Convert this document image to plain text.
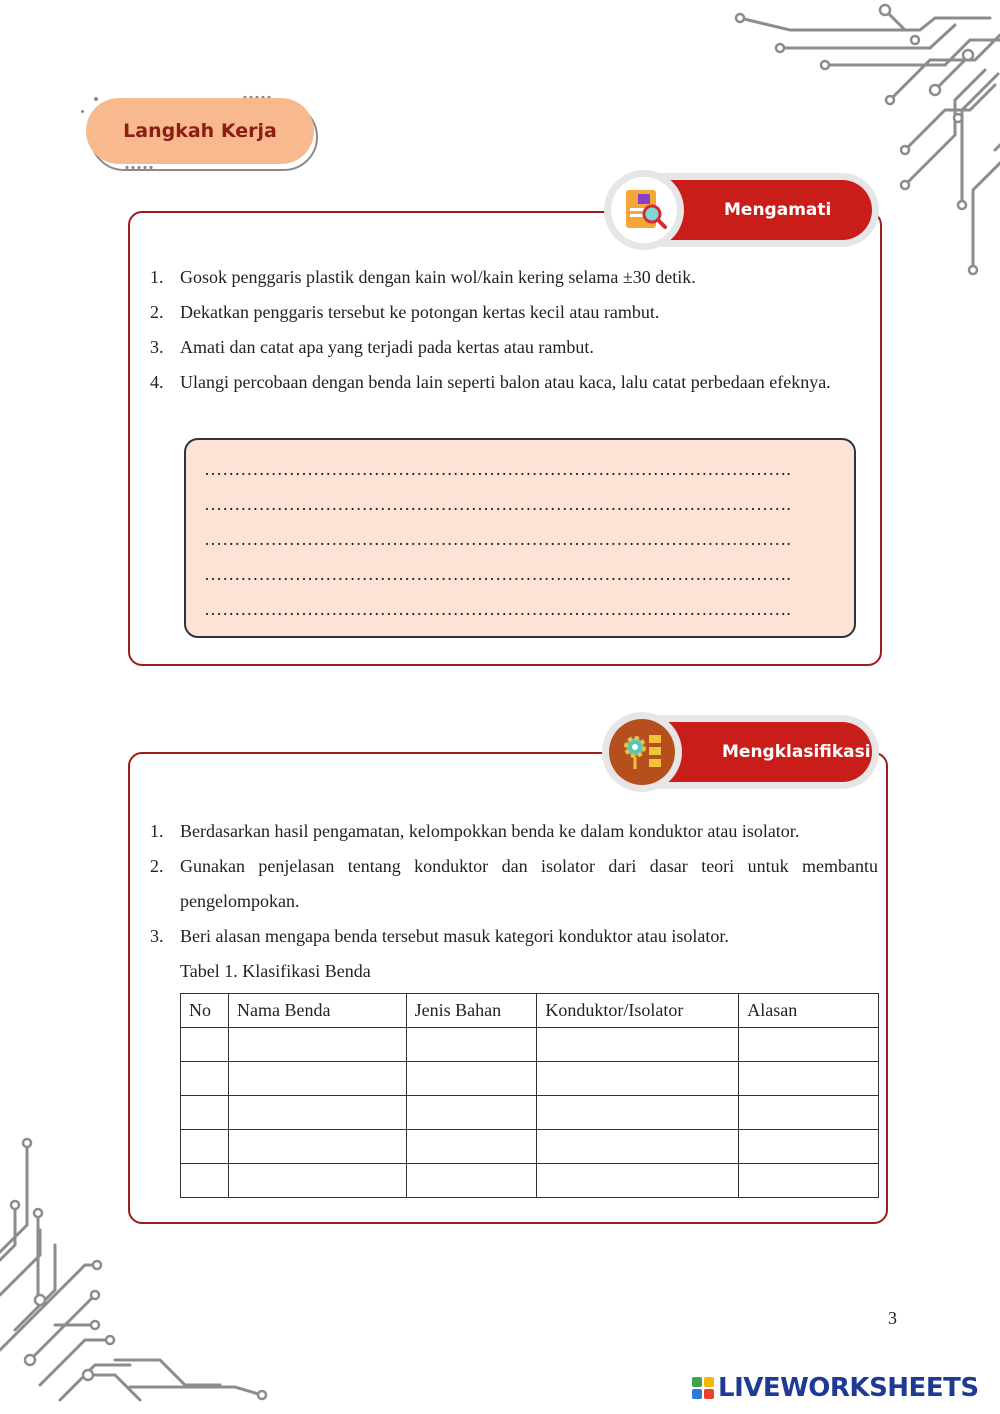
Langkah Kerja
Mengamati
1. Gosok penggaris plastik dengan kain wol/kain kering selama ±30 detik.
2. Dekatkan penggaris tersebut ke potongan kertas kecil atau rambut.
3. Amati dan catat apa yang terjadi pada kertas atau rambut.
4. Ulangi percobaan dengan benda lain seperti balon atau kaca, lalu catat perbedaan efeknya.
…………………………………………………………………………………….
…………………………………………………………………………………….
…………………………………………………………………………………….
…………………………………………………………………………………….
…………………………………………………………………………………….
Mengklasifikasi
1. Berdasarkan hasil pengamatan, kelompokkan benda ke dalam konduktor atau isolator.
2. Gunakan penjelasan tentang konduktor dan isolator dari dasar teori untuk membantu pengelompokan.
3. Beri alasan mengapa benda tersebut masuk kategori konduktor atau isolator.
Tabel 1. Klasifikasi Benda
No	Nama Benda	Jenis Bahan	Konduktor/Isolator	Alasan

3
LIVEWORKSHEETS
